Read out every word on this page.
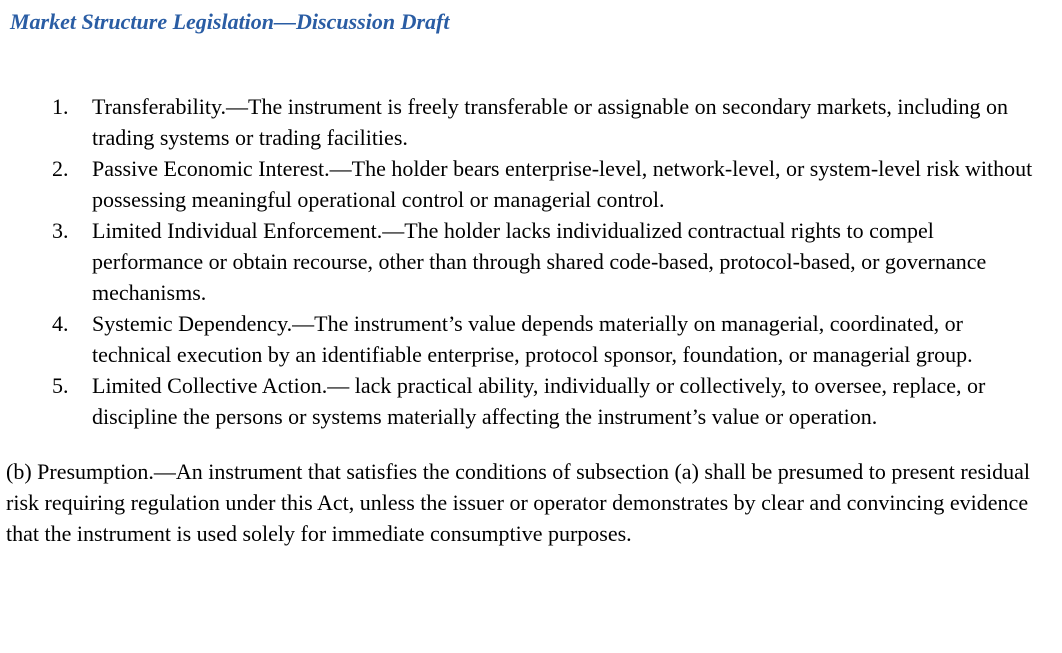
Market Structure Legislation—Discussion Draft
1.	Transferability.—The instrument is freely transferable or assignable on secondary markets, including on trading systems or trading facilities.
2.	Passive Economic Interest.—The holder bears enterprise-level, network-level, or system-level risk without possessing meaningful operational control or managerial control.
3.	Limited Individual Enforcement.—The holder lacks individualized contractual rights to compel performance or obtain recourse, other than through shared code-based, protocol-based, or governance mechanisms.
4.	Systemic Dependency.—The instrument’s value depends materially on managerial, coordinated, or technical execution by an identifiable enterprise, protocol sponsor, foundation, or managerial group.
5.	Limited Collective Action.— lack practical ability, individually or collectively, to oversee, replace, or discipline the persons or systems materially affecting the instrument’s value or operation.

(b) Presumption.—An instrument that satisfies the conditions of subsection (a) shall be presumed to present residual risk requiring regulation under this Act, unless the issuer or operator demonstrates by clear and convincing evidence that the instrument is used solely for immediate consumptive purposes.
